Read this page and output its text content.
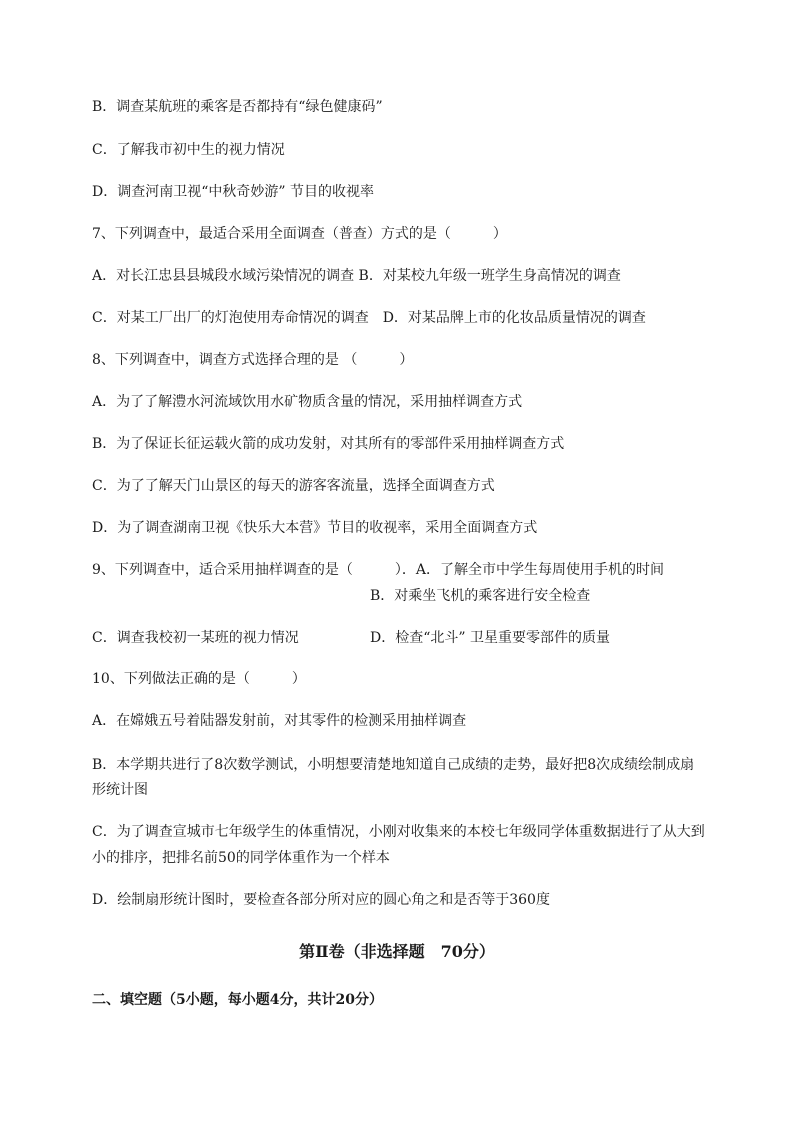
B．调查某航班的乘客是否都持有“绿色健康码”
C．了解我市初中生的视力情况
D．调查河南卫视“中秋奇妙游” 节目的收视率
7、下列调查中，最适合采用全面调查（普查）方式的是（　　　）
A．对长江忠县县城段水域污染情况的调查 B．对某校九年级一班学生身高情况的调查
C．对某工厂出厂的灯泡使用寿命情况的调查　D．对某品牌上市的化妆品质量情况的调查
8、下列调查中，调查方式选择合理的是 （　　　）
A．为了了解澧水河流域饮用水矿物质含量的情况，采用抽样调查方式
B．为了保证长征运载火箭的成功发射，对其所有的零部件采用抽样调查方式
C．为了了解天门山景区的每天的游客客流量，选择全面调查方式
D．为了调查湖南卫视《快乐大本营》节目的收视率，采用全面调查方式
9、下列调查中，适合采用抽样调查的是（　　　）．A．了解全市中学生每周使用手机的时间
B．对乘坐飞机的乘客进行安全检查
C．调查我校初一某班的视力情况	D．检查“北斗” 卫星重要零部件的质量
10、下列做法正确的是（　　　）
A．在嫦娥五号着陆器发射前，对其零件的检测采用抽样调查
B．本学期共进行了8次数学测试，小明想要清楚地知道自己成绩的走势，最好把8次成绩绘制成扇
形统计图
C．为了调查宣城市七年级学生的体重情况，小刚对收集来的本校七年级同学体重数据进行了从大到
小的排序，把排名前50的同学体重作为一个样本
D．绘制扇形统计图时，要检查各部分所对应的圆心角之和是否等于360度
第Ⅱ卷（非选择题　70分）
二、填空题（5小题，每小题4分，共计20分）
